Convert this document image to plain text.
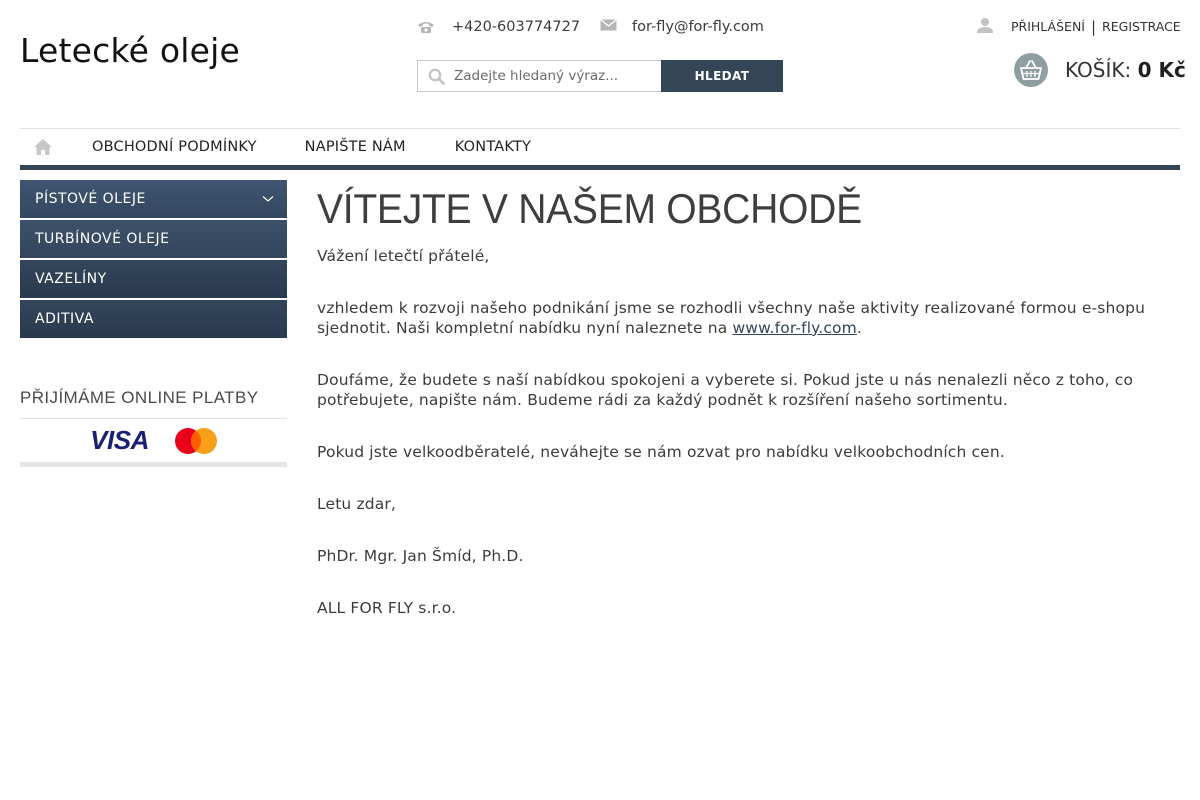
Letecké oleje
+420-603774727	for-fly@for-fly.com
Zadejte hledaný výraz...
HLEDAT
PŘIHLÁŠENÍ | REGISTRACE
KOŠÍK: 0 Kč
OBCHODNÍ PODMÍNKY	NAPIŠTE NÁM	KONTAKTY
PÍSTOVÉ OLEJE
TURBÍNOVÉ OLEJE
VAZELÍNY
ADITIVA
PŘIJÍMÁME ONLINE PLATBY
VISA
VÍTEJTE V NAŠEM OBCHODĚ

Vážení letečtí přátelé,

vzhledem k rozvoji našeho podnikání jsme se rozhodli všechny naše aktivity realizované formou e-shopu sjednotit. Naši kompletní nabídku nyní naleznete na www.for-fly.com.

Doufáme, že budete s naší nabídkou spokojeni a vyberete si. Pokud jste u nás nenalezli něco z toho, co potřebujete, napište nám. Budeme rádi za každý podnět k rozšíření našeho sortimentu.

Pokud jste velkoodběratelé, neváhejte se nám ozvat pro nabídku velkoobchodních cen.

Letu zdar,

PhDr. Mgr. Jan Šmíd, Ph.D.

ALL FOR FLY s.r.o.
